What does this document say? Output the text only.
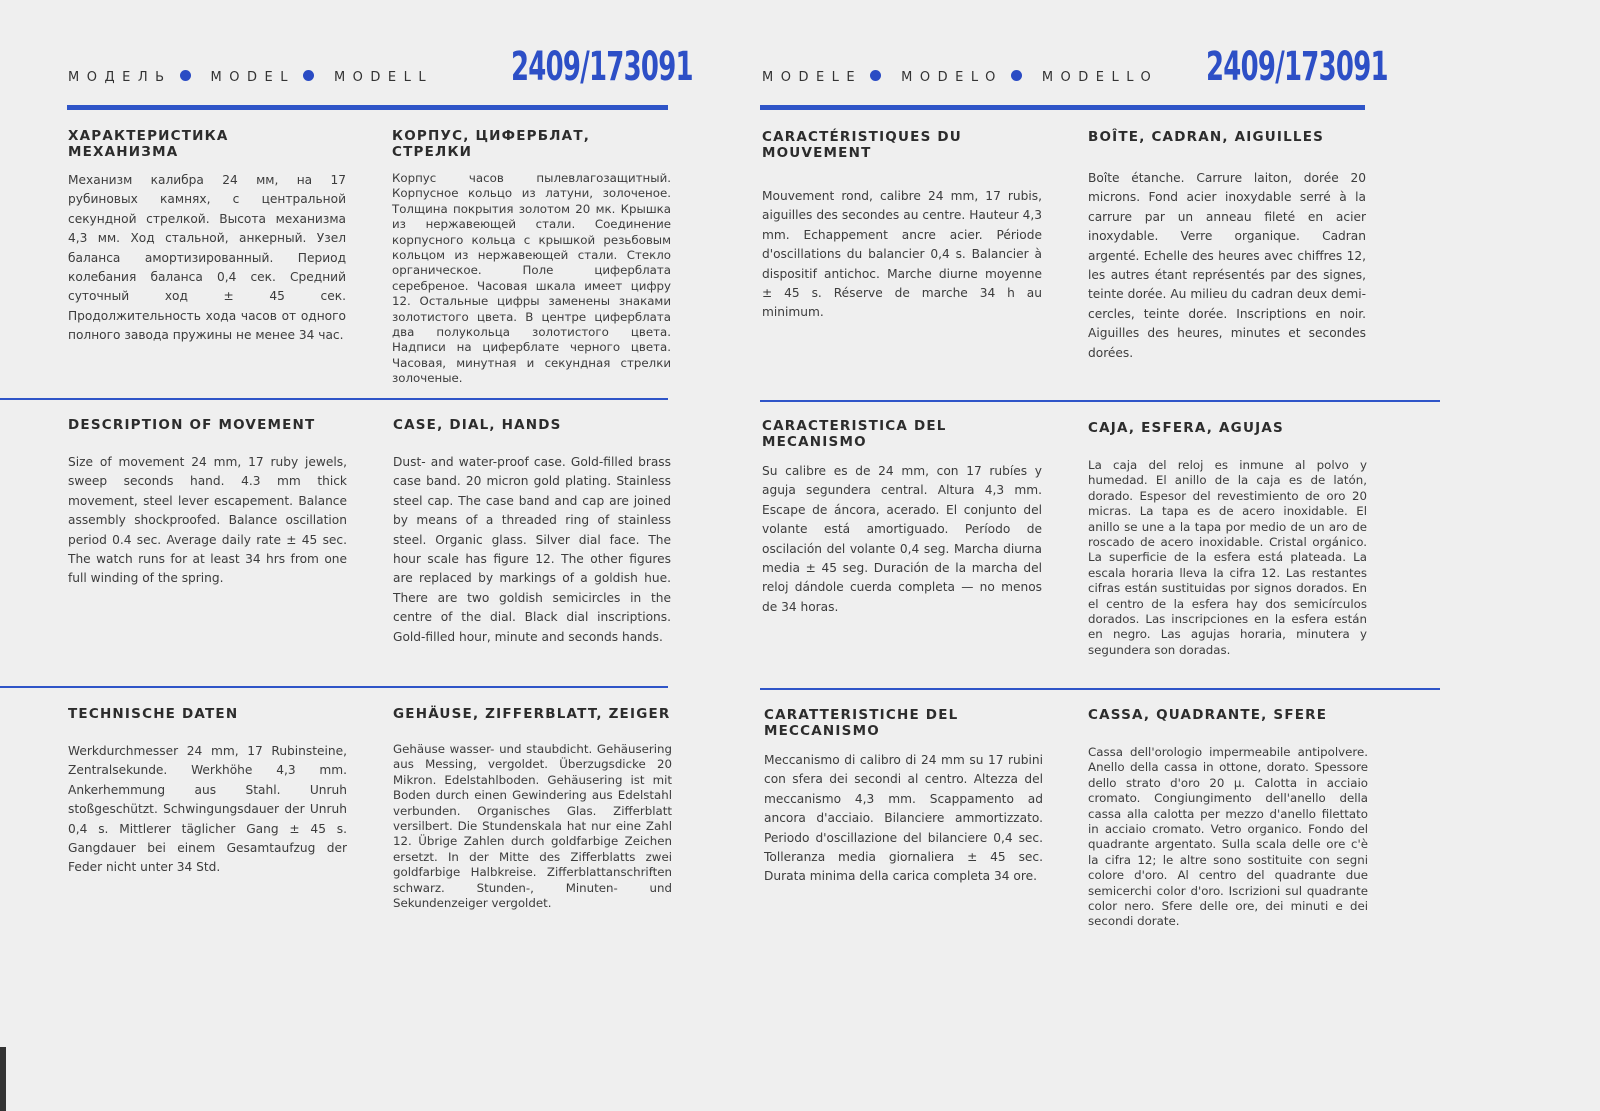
МОДЕЛЬ	MODEL	MODELL 2409/173091	MODELE	MODELO	MODELLO 2409/173091
ХАРАКТЕРИСТИКА МЕХАНИЗМА

Механизм калибра 24 мм, на 17 рубиновых камнях, с центральной секундной стрелкой. Высота механизма 4,3 мм. Ход стальной, анкерный. Узел баланса амортизированный. Период колебания баланса 0,4 сек. Средний суточный ход ± 45 сек. Продолжительность хода часов от одного полного завода пружины не менее 34 час.

КОРПУС, ЦИФЕРБЛАТ, СТРЕЛКИ

Корпус часов пылевлагозащитный. Корпусное кольцо из латуни, золоченое. Толщина покрытия золотом 20 мк. Крышка из нержавеющей стали. Соединение корпусного кольца с крышкой резьбовым кольцом из нержавеющей стали. Стекло органическое. Поле циферблата серебреное. Часовая шкала имеет цифру 12. Остальные цифры заменены знаками золотистого цвета. В центре циферблата два полукольца золотистого цвета. Надписи на циферблате черного цвета. Часовая, минутная и секундная стрелки золоченые.

CARACTÉRISTIQUES DU MOUVEMENT

Mouvement rond, calibre 24 mm, 17 rubis, aiguilles des secondes au centre. Hauteur 4,3 mm. Echappement ancre acier. Période d'oscillations du balancier 0,4 s. Balancier à dispositif antichoc. Marche diurne moyenne ± 45 s. Réserve de marche 34 h au minimum.

BOÎTE, CADRAN, AIGUILLES

Boîte étanche. Carrure laiton, dorée 20 microns. Fond acier inoxydable serré à la carrure par un anneau fileté en acier inoxydable. Verre organique. Cadran argenté. Echelle des heures avec chiffres 12, les autres étant représentés par des signes, teinte dorée. Au milieu du cadran deux demi-cercles, teinte dorée. Inscriptions en noir. Aiguilles des heures, minutes et secondes dorées.

DESCRIPTION OF MOVEMENT

Size of movement 24 mm, 17 ruby jewels, sweep seconds hand. 4.3 mm thick movement, steel lever escapement. Balance assembly shockproofed. Balance oscillation period 0.4 sec. Average daily rate ± 45 sec. The watch runs for at least 34 hrs from one full winding of the spring.

CASE, DIAL, HANDS

Dust- and water-proof case. Gold-filled brass case band. 20 micron gold plating. Stainless steel cap. The case band and cap are joined by means of a threaded ring of stainless steel. Organic glass. Silver dial face. The hour scale has figure 12. The other figures are replaced by markings of a goldish hue. There are two goldish semicircles in the centre of the dial. Black dial inscriptions. Gold-filled hour, minute and seconds hands.

CARACTERISTICA DEL MECANISMO

Su calibre es de 24 mm, con 17 rubíes y aguja segundera central. Altura 4,3 mm. Escape de áncora, acerado. El conjunto del volante está amortiguado. Período de oscilación del volante 0,4 seg. Marcha diurna media ± 45 seg. Duración de la marcha del reloj dándole cuerda completa — no menos de 34 horas.

CAJA, ESFERA, AGUJAS

La caja del reloj es inmune al polvo y humedad. El anillo de la caja es de latón, dorado. Espesor del revestimiento de oro 20 micras. La tapa es de acero inoxidable. El anillo se une a la tapa por medio de un aro de roscado de acero inoxidable. Cristal orgánico. La superficie de la esfera está plateada. La escala horaria lleva la cifra 12. Las restantes cifras están sustituidas por signos dorados. En el centro de la esfera hay dos semicírculos dorados. Las inscripciones en la esfera están en negro. Las agujas horaria, minutera y segundera son doradas.

TECHNISCHE DATEN

Werkdurchmesser 24 mm, 17 Rubinsteine, Zentralsekunde. Werkhöhe 4,3 mm. Ankerhemmung aus Stahl. Unruh stoßgeschützt. Schwingungsdauer der Unruh 0,4 s. Mittlerer täglicher Gang ± 45 s. Gangdauer bei einem Gesamtaufzug der Feder nicht unter 34 Std.

GEHÄUSE, ZIFFERBLATT, ZEIGER

Gehäuse wasser- und staubdicht. Gehäusering aus Messing, vergoldet. Überzugsdicke 20 Mikron. Edelstahlboden. Gehäusering ist mit Boden durch einen Gewindering aus Edelstahl verbunden. Organisches Glas. Zifferblatt versilbert. Die Stundenskala hat nur eine Zahl 12. Übrige Zahlen durch goldfarbige Zeichen ersetzt. In der Mitte des Zifferblatts zwei goldfarbige Halbkreise. Zifferblattanschriften schwarz. Stunden-, Minuten- und Sekundenzeiger vergoldet.

CARATTERISTICHE DEL MECCANISMO

Meccanismo di calibro di 24 mm su 17 rubini con sfera dei secondi al centro. Altezza del meccanismo 4,3 mm. Scappamento ad ancora d'acciaio. Bilanciere ammortizzato. Periodo d'oscillazione del bilanciere 0,4 sec. Tolleranza media giornaliera ± 45 sec. Durata minima della carica completa 34 ore.

CASSA, QUADRANTE, SFERE

Cassa dell'orologio impermeabile antipolvere. Anello della cassa in ottone, dorato. Spessore dello strato d'oro 20 µ. Calotta in acciaio cromato. Congiungimento dell'anello della cassa alla calotta per mezzo d'anello filettato in acciaio cromato. Vetro organico. Fondo del quadrante argentato. Sulla scala delle ore c'è la cifra 12; le altre sono sostituite con segni colore d'oro. Al centro del quadrante due semicerchi color d'oro. Iscrizioni sul quadrante color nero. Sfere delle ore, dei minuti e dei secondi dorate.
